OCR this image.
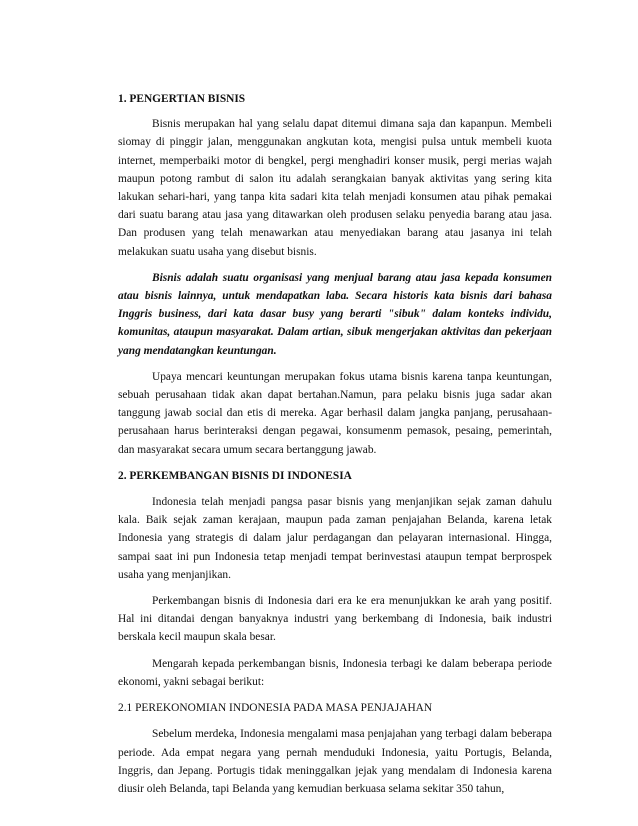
1. PENGERTIAN BISNIS

Bisnis merupakan hal yang selalu dapat ditemui dimana saja dan kapanpun. Membeli siomay di pinggir jalan, menggunakan angkutan kota, mengisi pulsa untuk membeli kuota internet, memperbaiki motor di bengkel, pergi menghadiri konser musik, pergi merias wajah maupun potong rambut di salon itu adalah serangkaian banyak aktivitas yang sering kita lakukan sehari-hari, yang tanpa kita sadari kita telah menjadi konsumen atau pihak pemakai dari suatu barang atau jasa yang ditawarkan oleh produsen selaku penyedia barang atau jasa. Dan produsen yang telah menawarkan atau menyediakan barang atau jasanya ini telah melakukan suatu usaha yang disebut bisnis.

Bisnis adalah suatu organisasi yang menjual barang atau jasa kepada konsumen atau bisnis lainnya, untuk mendapatkan laba. Secara historis kata bisnis dari bahasa Inggris business, dari kata dasar busy yang berarti "sibuk" dalam konteks individu, komunitas, ataupun masyarakat. Dalam artian, sibuk mengerjakan aktivitas dan pekerjaan yang mendatangkan keuntungan.

Upaya mencari keuntungan merupakan fokus utama bisnis karena tanpa keuntungan, sebuah perusahaan tidak akan dapat bertahan.Namun, para pelaku bisnis juga sadar akan tanggung jawab social dan etis di mereka. Agar berhasil dalam jangka panjang, perusahaan-perusahaan harus berinteraksi dengan pegawai, konsumenm pemasok, pesaing, pemerintah, dan masyarakat secara umum secara bertanggung jawab.

2. PERKEMBANGAN BISNIS DI INDONESIA

Indonesia telah menjadi pangsa pasar bisnis yang menjanjikan sejak zaman dahulu kala. Baik sejak zaman kerajaan, maupun pada zaman penjajahan Belanda, karena letak Indonesia yang strategis di dalam jalur perdagangan dan pelayaran internasional. Hingga, sampai saat ini pun Indonesia tetap menjadi tempat berinvestasi ataupun tempat berprospek usaha yang menjanjikan.

Perkembangan bisnis di Indonesia dari era ke era menunjukkan ke arah yang positif. Hal ini ditandai dengan banyaknya industri yang berkembang di Indonesia, baik industri berskala kecil maupun skala besar.

Mengarah kepada perkembangan bisnis, Indonesia terbagi ke dalam beberapa periode ekonomi, yakni sebagai berikut:

2.1 PEREKONOMIAN INDONESIA PADA MASA PENJAJAHAN

Sebelum merdeka, Indonesia mengalami masa penjajahan yang terbagi dalam beberapa periode. Ada empat negara yang pernah menduduki Indonesia, yaitu Portugis, Belanda, Inggris, dan Jepang. Portugis tidak meninggalkan jejak yang mendalam di Indonesia karena diusir oleh Belanda, tapi Belanda yang kemudian berkuasa selama sekitar 350 tahun,
